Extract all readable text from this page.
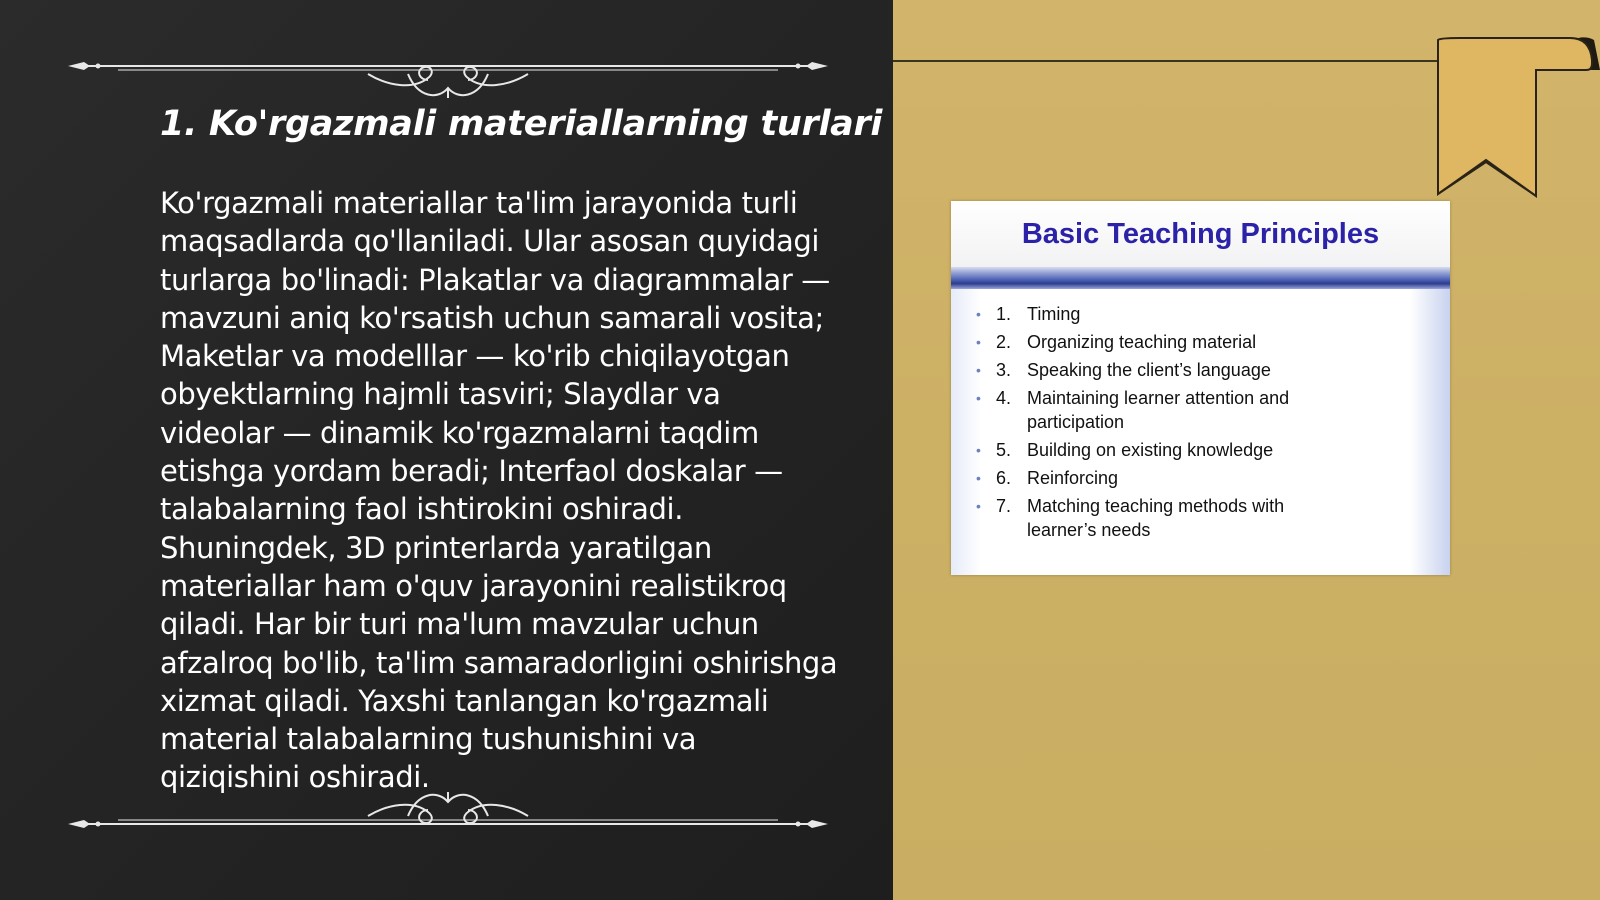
1. Ko'rgazmali materiallarning turlari

Ko'rgazmali materiallar ta'lim jarayonida turli maqsadlarda qo'llaniladi. Ular asosan quyidagi turlarga bo'linadi: Plakatlar va diagrammalar — mavzuni aniq ko'rsatish uchun samarali vosita; Maketlar va modelllar — ko'rib chiqilayotgan obyektlarning hajmli tasviri; Slaydlar va videolar — dinamik ko'rgazmalarni taqdim etishga yordam beradi; Interfaol doskalar — talabalarning faol ishtirokini oshiradi. Shuningdek, 3D printerlarda yaratilgan materiallar ham o'quv jarayonini realistikroq qiladi. Har bir turi ma'lum mavzular uchun afzalroq bo'lib, ta'lim samaradorligini oshirishga xizmat qiladi. Yaxshi tanlangan ko'rgazmali material talabalarning tushunishini va qiziqishini oshiradi.

Basic Teaching Principles
• 1. Timing
• 2. Organizing teaching material
• 3. Speaking the client’s language
• 4. Maintaining learner attention and participation
• 5. Building on existing knowledge
• 6. Reinforcing
• 7. Matching teaching methods with learner’s needs
